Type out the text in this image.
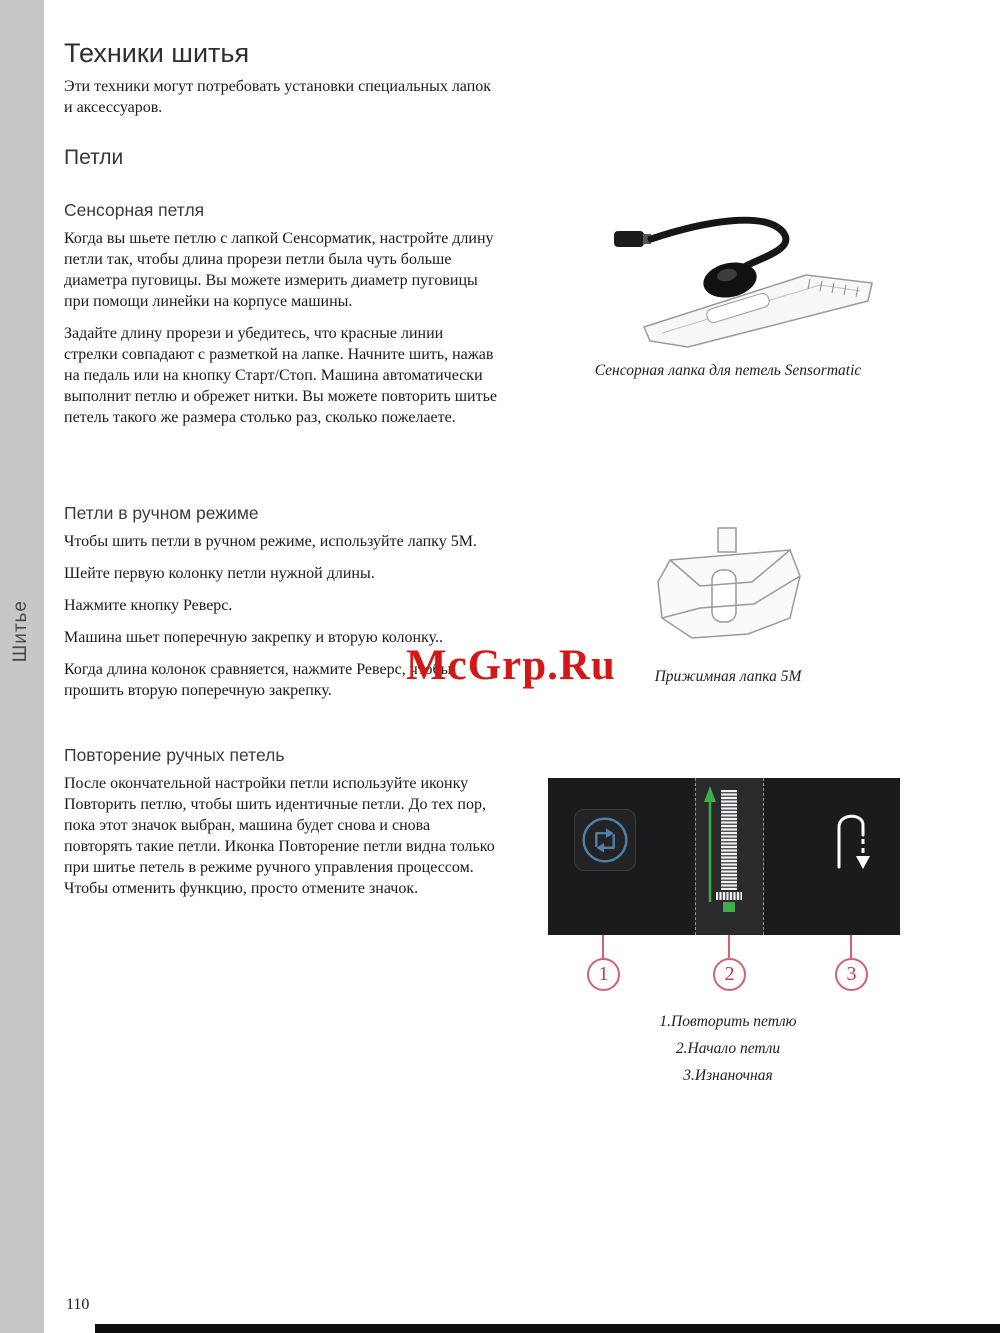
Шитье
Техники шитья

Эти техники могут потребовать установки специальных лапок и аксессуаров.

Петли
Сенсорная петля

Когда вы шьете петлю с лапкой Сенсорматик, настройте длину петли так, чтобы длина прорези петли была чуть больше диаметра пуговицы. Вы можете измерить диаметр пуговицы при помощи линейки на корпусе машины.

Задайте длину прорези и убедитесь, что красные линии стрелки совпадают с разметкой на лапке. Начните шить, нажав на педаль или на кнопку Старт/Стоп. Машина автоматически выполнит петлю и обрежет нитки. Вы можете повторить шитье петель такого же размера столько раз, сколько пожелаете.

Петли в ручном режиме

Чтобы шить петли в ручном режиме, используйте лапку 5М.

Шейте первую колонку петли нужной длины.

Нажмите кнопку Реверс.

Машина шьет поперечную закрепку и вторую колонку..

Когда длина колонок сравняется, нажмите Реверс, чтобы прошить вторую поперечную закрепку.

Повторение ручных петель

После окончательной настройки петли используйте иконку Повторить петлю, чтобы шить идентичные петли. До тех пор, пока этот значок выбран, машина будет снова и снова повторять такие петли. Иконка Повторение петли видна только при шитье петель в режиме ручного управления процессом. Чтобы отменить функцию, просто отмените значок.

Сенсорная лапка для петель Sensormatic
Прижимная лапка 5М
McGrp.Ru
1	2	3
1.Повторить петлю
2.Начало петли
3.Изнаночная
110
